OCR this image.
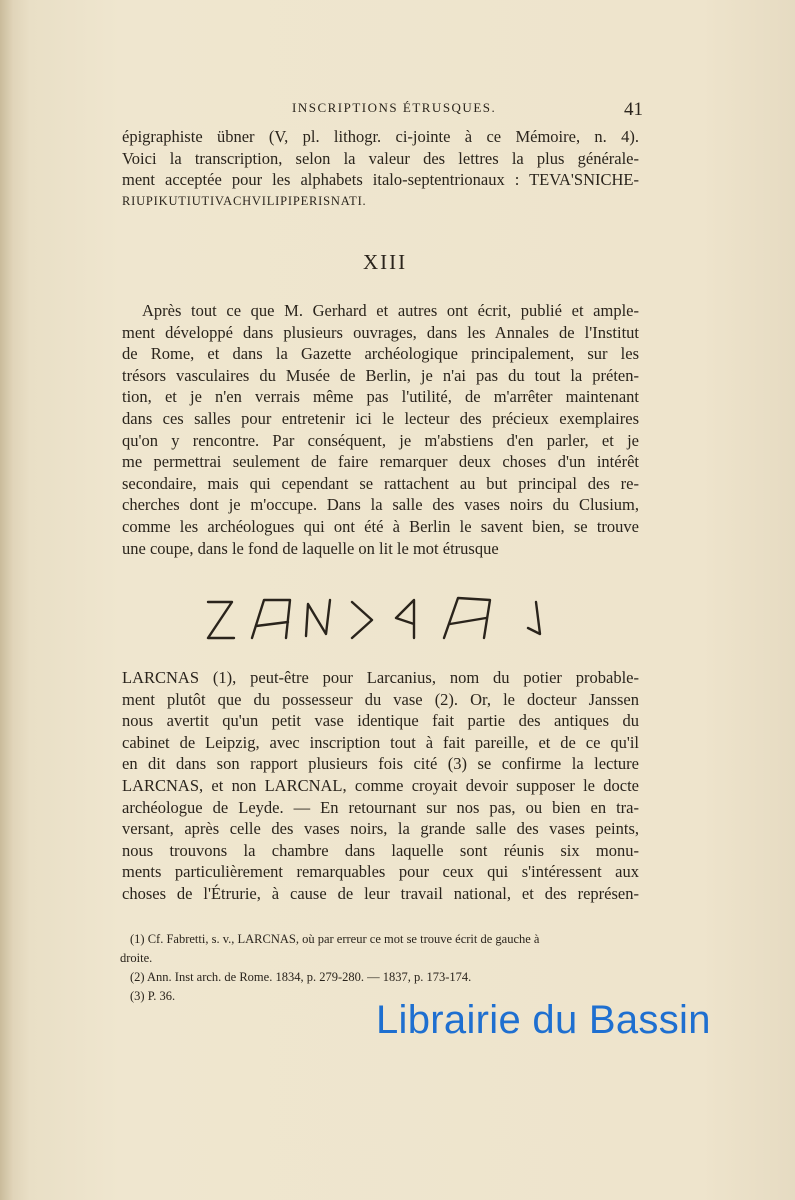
INSCRIPTIONS ÉTRUSQUES.	41
épigraphiste übner (V, pl. lithogr. ci-jointe à ce Mémoire, n. 4).
Voici la transcription, selon la valeur des lettres la plus générale-
ment acceptée pour les alphabets italo-septentrionaux : TEVA'SNICHE-
RIUPIKUTIUTIVACHVILIPIPERISNATI.
XIII
Après tout ce que M. Gerhard et autres ont écrit, publié et ample-
ment développé dans plusieurs ouvrages, dans les Annales de l'Institut
de Rome, et dans la Gazette archéologique principalement, sur les
trésors vasculaires du Musée de Berlin, je n'ai pas du tout la préten-
tion, et je n'en verrais même pas l'utilité, de m'arrêter maintenant
dans ces salles pour entretenir ici le lecteur des précieux exemplaires
qu'on y rencontre. Par conséquent, je m'abstiens d'en parler, et je
me permettrai seulement de faire remarquer deux choses d'un intérêt
secondaire, mais qui cependant se rattachent au but principal des re-
cherches dont je m'occupe. Dans la salle des vases noirs du Clusium,
comme les archéologues qui ont été à Berlin le savent bien, se trouve
une coupe, dans le fond de laquelle on lit le mot étrusque
LARCNAS (1), peut-être pour Larcanius, nom du potier probable-
ment plutôt que du possesseur du vase (2). Or, le docteur Janssen
nous avertit qu'un petit vase identique fait partie des antiques du
cabinet de Leipzig, avec inscription tout à fait pareille, et de ce qu'il
en dit dans son rapport plusieurs fois cité (3) se confirme la lecture
LARCNAS, et non LARCNAL, comme croyait devoir supposer le docte
archéologue de Leyde. — En retournant sur nos pas, ou bien en tra-
versant, après celle des vases noirs, la grande salle des vases peints,
nous trouvons la chambre dans laquelle sont réunis six monu-
ments particulièrement remarquables pour ceux qui s'intéressent aux
choses de l'Étrurie, à cause de leur travail national, et des représen-
(1) Cf. Fabretti, s. v., LARCNAS, où par erreur ce mot se trouve écrit de gauche à
droite.
(2) Ann. Inst arch. de Rome. 1834, p. 279-280. — 1837, p. 173-174.
(3) P. 36.
Librairie du Bassin
